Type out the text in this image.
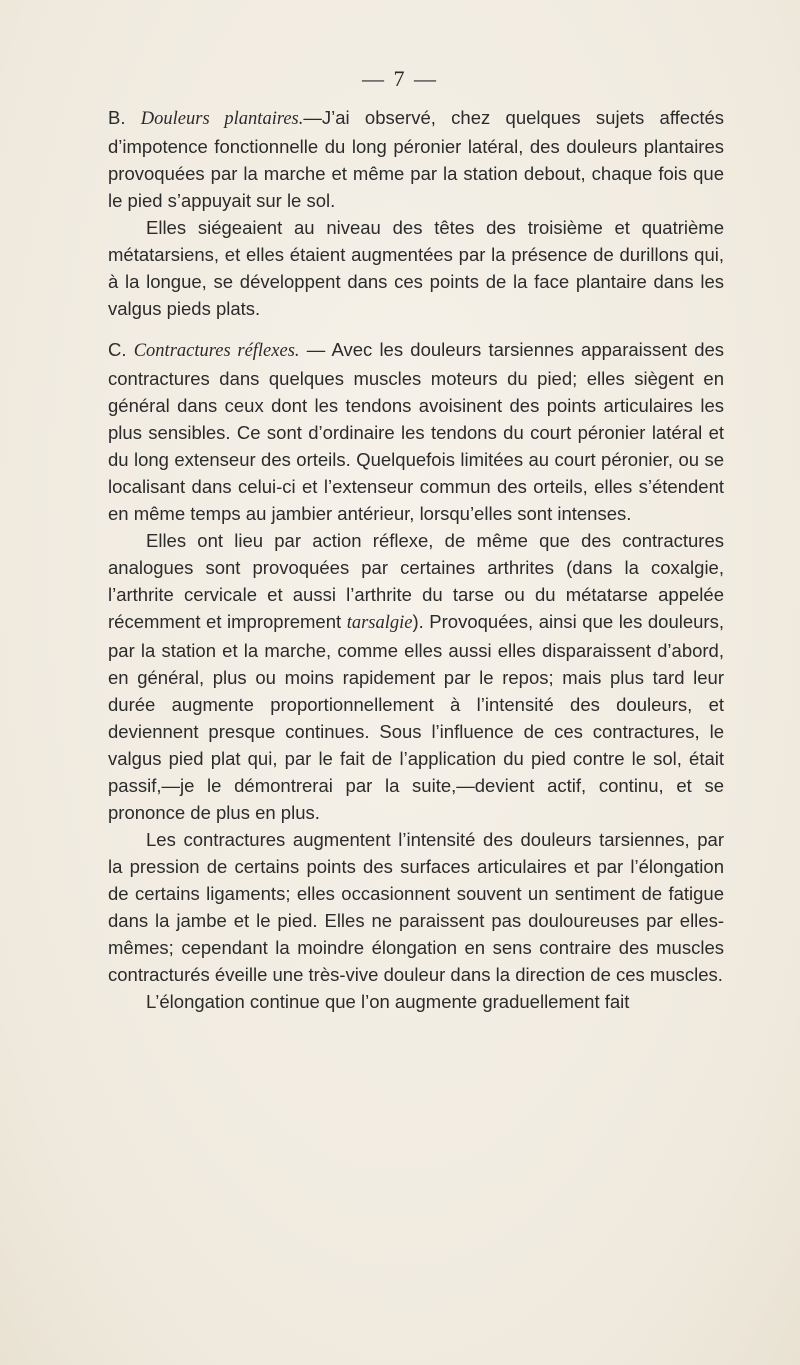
— 7 —

B. Douleurs plantaires.—J’ai observé, chez quelques sujets affectés d’impotence fonctionnelle du long péronier latéral, des douleurs plantaires provoquées par la marche et même par la station debout, chaque fois que le pied s’appuyait sur le sol.

Elles siégeaient au niveau des têtes des troisième et quatrième métatarsiens, et elles étaient augmentées par la présence de durillons qui, à la longue, se développent dans ces points de la face plantaire dans les valgus pieds plats.

C. Contractures réflexes. — Avec les douleurs tarsiennes apparaissent des contractures dans quelques muscles moteurs du pied; elles siègent en général dans ceux dont les tendons avoisinent des points articulaires les plus sensibles. Ce sont d’ordinaire les tendons du court péronier latéral et du long extenseur des orteils. Quelquefois limitées au court péronier, ou se localisant dans celui-ci et l’extenseur commun des orteils, elles s’étendent en même temps au jambier antérieur, lorsqu’elles sont intenses.

Elles ont lieu par action réflexe, de même que des contractures analogues sont provoquées par certaines arthrites (dans la coxalgie, l’arthrite cervicale et aussi l’arthrite du tarse ou du métatarse appelée récemment et improprement tarsalgie). Provoquées, ainsi que les douleurs, par la station et la marche, comme elles aussi elles disparaissent d’abord, en général, plus ou moins rapidement par le repos; mais plus tard leur durée augmente proportionnellement à l’intensité des douleurs, et deviennent presque continues. Sous l’influence de ces contractures, le valgus pied plat qui, par le fait de l’application du pied contre le sol, était passif,—je le démontrerai par la suite,—devient actif, continu, et se prononce de plus en plus.

Les contractures augmentent l’intensité des douleurs tarsiennes, par la pression de certains points des surfaces articulaires et par l’élongation de certains ligaments; elles occasionnent souvent un sentiment de fatigue dans la jambe et le pied. Elles ne paraissent pas douloureuses par elles-mêmes; cependant la moindre élongation en sens contraire des muscles contracturés éveille une très-vive douleur dans la direction de ces muscles.

L’élongation continue que l’on augmente graduellement fait
